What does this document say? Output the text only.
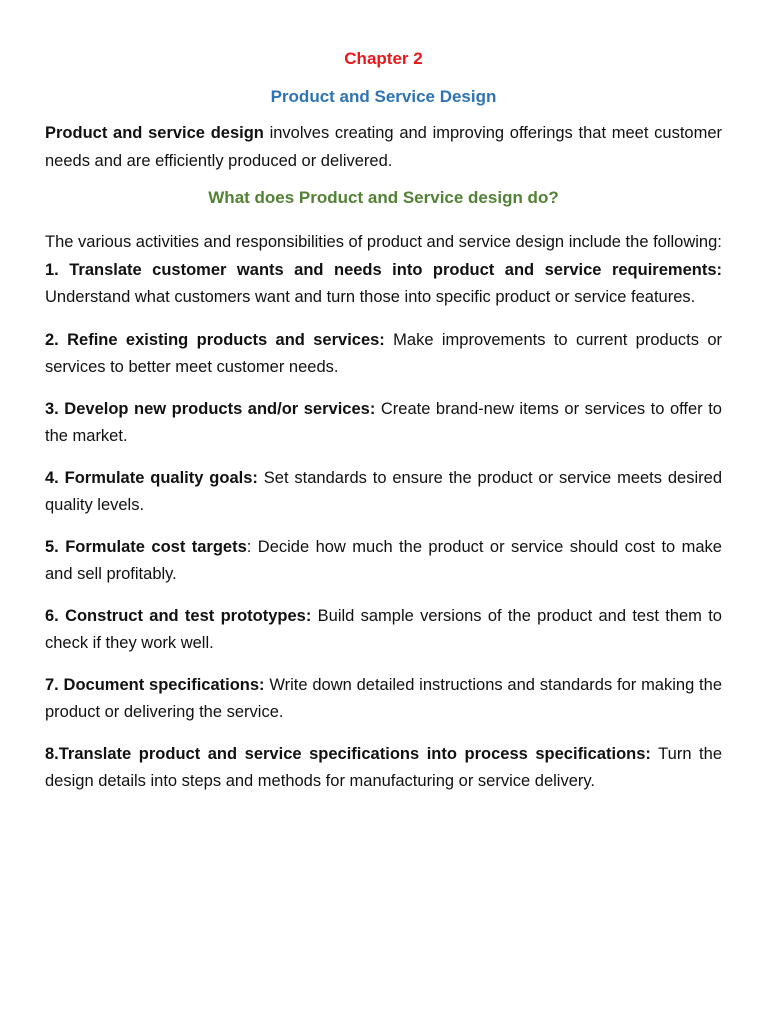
Chapter 2
Product and Service Design

Product and service design involves creating and improving offerings that meet customer needs and are efficiently produced or delivered.

What does Product and Service design do?

The various activities and responsibilities of product and service design include the following:

1. Translate customer wants and needs into product and service requirements: Understand what customers want and turn those into specific product or service features.

2. Refine existing products and services: Make improvements to current products or services to better meet customer needs.

3. Develop new products and/or services: Create brand-new items or services to offer to the market.

4. Formulate quality goals: Set standards to ensure the product or service meets desired quality levels.

5. Formulate cost targets: Decide how much the product or service should cost to make and sell profitably.

6. Construct and test prototypes: Build sample versions of the product and test them to check if they work well.

7. Document specifications: Write down detailed instructions and standards for making the product or delivering the service.

8.Translate product and service specifications into process specifications: Turn the design details into steps and methods for manufacturing or service delivery.
